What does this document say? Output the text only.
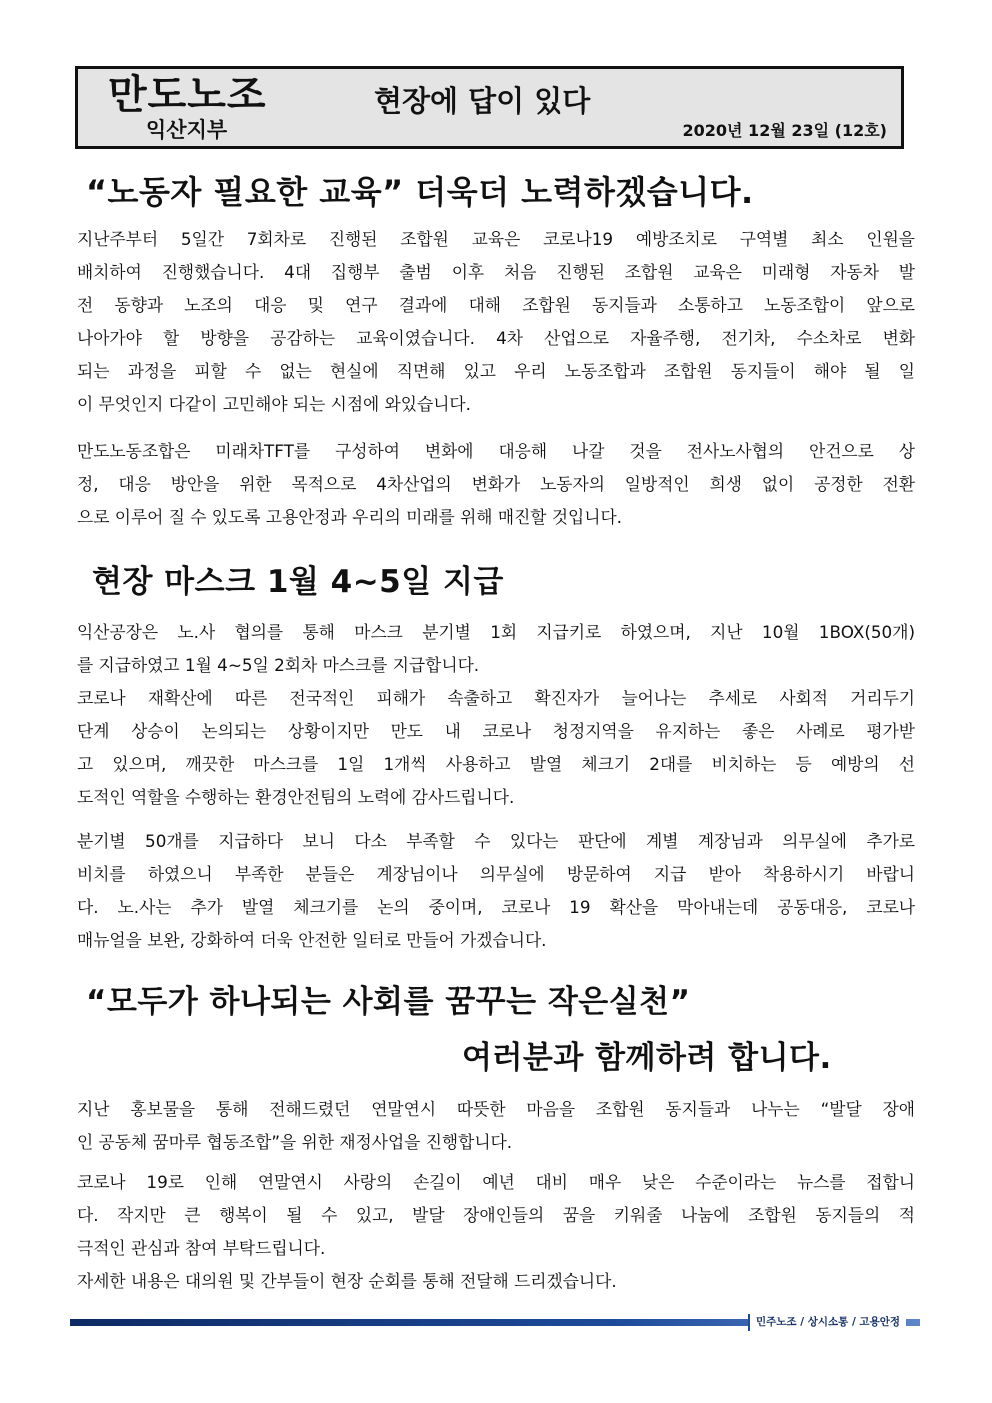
만도노조
익산지부
현장에 답이 있다
2020년 12월 23일 (12호)
“노동자 필요한 교육” 더욱더 노력하겠습니다.
지난주부터 5일간 7회차로 진행된 조합원 교육은 코로나19 예방조치로 구역별 최소 인원을
배치하여 진행했습니다. 4대 집행부 출범 이후 처음 진행된 조합원 교육은 미래형 자동차 발
전 동향과 노조의 대응 및 연구 결과에 대해 조합원 동지들과 소통하고 노동조합이 앞으로
나아가야 할 방향을 공감하는 교육이였습니다. 4차 산업으로 자율주행, 전기차, 수소차로 변화
되는 과정을 피할 수 없는 현실에 직면해 있고 우리 노동조합과 조합원 동지들이 해야 될 일
이 무엇인지 다같이 고민해야 되는 시점에 와있습니다.
만도노동조합은 미래차TFT를 구성하여 변화에 대응해 나갈 것을 전사노사협의 안건으로 상
정, 대응 방안을 위한 목적으로 4차산업의 변화가 노동자의 일방적인 희생 없이 공정한 전환
으로 이루어 질 수 있도록 고용안정과 우리의 미래를 위해 매진할 것입니다.
현장 마스크 1월 4~5일 지급
익산공장은 노.사 협의를 통해 마스크 분기별 1회 지급키로 하였으며, 지난 10월 1BOX(50개)
를 지급하였고 1월 4~5일 2회차 마스크를 지급합니다.
코로나 재확산에 따른 전국적인 피해가 속출하고 확진자가 늘어나는 추세로 사회적 거리두기
단계 상승이 논의되는 상황이지만 만도 내 코로나 청정지역을 유지하는 좋은 사례로 평가받
고 있으며, 깨끗한 마스크를 1일 1개씩 사용하고 발열 체크기 2대를 비치하는 등 예방의 선
도적인 역할을 수행하는 환경안전팀의 노력에 감사드립니다.
분기별 50개를 지급하다 보니 다소 부족할 수 있다는 판단에 계별 계장님과 의무실에 추가로
비치를 하였으니 부족한 분들은 계장님이나 의무실에 방문하여 지급 받아 착용하시기 바랍니
다. 노.사는 추가 발열 체크기를 논의 중이며, 코로나 19 확산을 막아내는데 공동대응, 코로나
매뉴얼을 보완, 강화하여 더욱 안전한 일터로 만들어 가겠습니다.
“모두가 하나되는 사회를 꿈꾸는 작은실천”
여러분과 함께하려 합니다.
지난 홍보물을 통해 전해드렸던 연말연시 따뜻한 마음을 조합원 동지들과 나누는 “발달 장애
인 공동체 꿈마루 협동조합”을 위한 재정사업을 진행합니다.
코로나 19로 인해 연말연시 사랑의 손길이 예년 대비 매우 낮은 수준이라는 뉴스를 접합니
다. 작지만 큰 행복이 될 수 있고, 발달 장애인들의 꿈을 키워줄 나눔에 조합원 동지들의 적
극적인 관심과 참여 부탁드립니다.
자세한 내용은 대의원 및 간부들이 현장 순회를 통해 전달해 드리겠습니다.
민주노조 / 상시소통 / 고용안정
